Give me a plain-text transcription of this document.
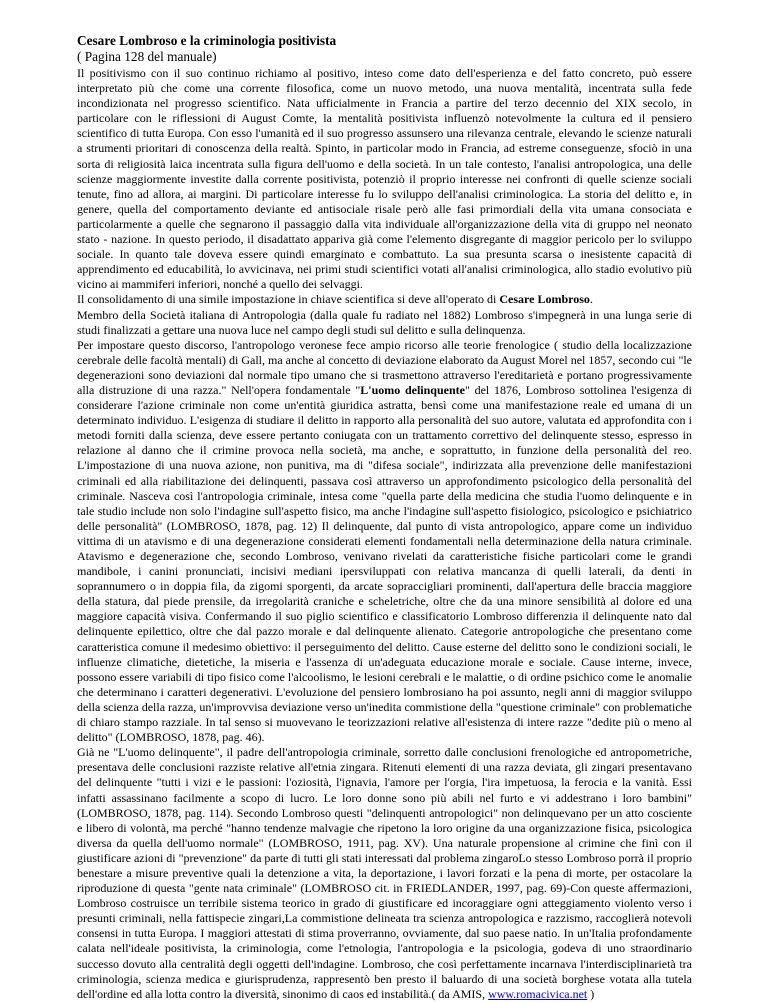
Cesare Lombroso e la criminologia positivista
( Pagina 128 del manuale)

Il positivismo con il suo continuo richiamo al positivo, inteso come dato dell'esperienza e del fatto concreto, può essere interpretato più che come una corrente filosofica, come un nuovo metodo, una nuova mentalità, incentrata sulla fede incondizionata nel progresso scientifico. Nata ufficialmente in Francia a partire del terzo decennio del XIX secolo, in particolare con le riflessioni di August Comte, la mentalità positivista influenzò notevolmente la cultura ed il pensiero scientifico di tutta Europa. Con esso l'umanità ed il suo progresso assunsero una rilevanza centrale, elevando le scienze naturali a strumenti prioritari di conoscenza della realtà. Spinto, in particolar modo in Francia, ad estreme conseguenze, sfociò in una sorta di religiosità laica incentrata sulla figura dell'uomo e della società. In un tale contesto, l'analisi antropologica, una delle scienze maggiormente investite dalla corrente positivista, potenziò il proprio interesse nei confronti di quelle scienze sociali tenute, fino ad allora, ai margini. Di particolare interesse fu lo sviluppo dell'analisi criminologica. La storia del delitto e, in genere, quella del comportamento deviante ed antisociale risale però alle fasi primordiali della vita umana consociata e particolarmente a quelle che segnarono il passaggio dalla vita individuale all'organizzazione della vita di gruppo nel neonato stato - nazione. In questo periodo, il disadattato appariva già come l'elemento disgregante di maggior pericolo per lo sviluppo sociale. In quanto tale doveva essere quindi emarginato e combattuto. La sua presunta scarsa o inesistente capacità di apprendimento ed educabilità, lo avvicinava, nei primi studi scientifici votati all'analisi criminologica, allo stadio evolutivo più vicino ai mammiferi inferiori, nonché a quello dei selvaggi.

Il consolidamento di una simile impostazione in chiave scientifica si deve all'operato di Cesare Lombroso.

Membro della Società italiana di Antropologia (dalla quale fu radiato nel 1882) Lombroso s'impegnerà in una lunga serie di studi finalizzati a gettare una nuova luce nel campo degli studi sul delitto e sulla delinquenza.

Per impostare questo discorso, l'antropologo veronese fece ampio ricorso alle teorie frenologice ( studio della localizzazione cerebrale delle facoltà mentali) di Gall, ma anche al concetto di deviazione elaborato da August Morel nel 1857, secondo cui "le degenerazioni sono deviazioni dal normale tipo umano che si trasmettono attraverso l'ereditarietà e portano progressivamente alla distruzione di una razza." Nell'opera fondamentale "L'uomo delinquente" del 1876, Lombroso sottolinea l'esigenza di considerare l'azione criminale non come un'entità giuridica astratta, bensì come una manifestazione reale ed umana di un determinato individuo. L'esigenza di studiare il delitto in rapporto alla personalità del suo autore, valutata ed approfondita con i metodi forniti dalla scienza, deve essere pertanto coniugata con un trattamento correttivo del delinquente stesso, espresso in relazione al danno che il crimine provoca nella società, ma anche, e soprattutto, in funzione della personalità del reo. L'impostazione di una nuova azione, non punitiva, ma di "difesa sociale", indirizzata alla prevenzione delle manifestazioni criminali ed alla riabilitazione dei delinquenti, passava così attraverso un approfondimento psicologico della personalità del criminale. Nasceva così l'antropologia criminale, intesa come "quella parte della medicina che studia l'uomo delinquente e in tale studio include non solo l'indagine sull'aspetto fisico, ma anche l'indagine sull'aspetto fisiologico, psicologico e psichiatrico delle personalità" (LOMBROSO, 1878, pag. 12) Il delinquente, dal punto di vista antropologico, appare come un individuo vittima di un atavismo e di una degenerazione considerati elementi fondamentali nella determinazione della natura criminale. Atavismo e degenerazione che, secondo Lombroso, venivano rivelati da caratteristiche fisiche particolari come le grandi mandibole, i canini pronunciati, incisivi mediani ipersviluppati con relativa mancanza di quelli laterali, da denti in soprannumero o in doppia fila, da zigomi sporgenti, da arcate sopraccigliari prominenti, dall'apertura delle braccia maggiore della statura, dal piede prensile, da irregolarità craniche e scheletriche, oltre che da una minore sensibilità al dolore ed una maggiore capacità visiva. Confermando il suo piglio scientifico e classificatorio Lombroso differenzia il delinquente nato dal delinquente epilettico, oltre che dal pazzo morale e dal delinquente alienato. Categorie antropologiche che presentano come caratteristica comune il medesimo obiettivo: il perseguimento del delitto. Cause esterne del delitto sono le condizioni sociali, le influenze climatiche, dietetiche, la miseria e l'assenza di un'adeguata educazione morale e sociale. Cause interne, invece, possono essere variabili di tipo fisico come l'alcoolismo, le lesioni cerebrali e le malattie, o di ordine psichico come le anomalie che determinano i caratteri degenerativi. L'evoluzione del pensiero lombrosiano ha poi assunto, negli anni di maggior sviluppo della scienza della razza, un'improvvisa deviazione verso un'inedita commistione della "questione criminale" con problematiche di chiaro stampo razziale. In tal senso si muovevano le teorizzazioni relative all'esistenza di intere razze "dedite più o meno al delitto" (LOMBROSO, 1878, pag. 46).

Già ne "L'uomo delinquente", il padre dell'antropologia criminale, sorretto dalle conclusioni frenologiche ed antropometriche, presentava delle conclusioni razziste relative all'etnia zingara. Ritenuti elementi di una razza deviata, gli zingari presentavano del delinquente "tutti i vizi e le passioni: l'oziosità, l'ignavia, l'amore per l'orgia, l'ira impetuosa, la ferocia e la vanità. Essi infatti assassinano facilmente a scopo di lucro. Le loro donne sono più abili nel furto e vi addestrano i loro bambini" (LOMBROSO, 1878, pag. 114). Secondo Lombroso questi "delinquenti antropologici" non delinquevano per un atto cosciente e libero di volontà, ma perché "hanno tendenze malvagie che ripetono la loro origine da una organizzazione fisica, psicologica diversa da quella dell'uomo normale" (LOMBROSO, 1911, pag. XV). Una naturale propensione al crimine che finì con il giustificare azioni di "prevenzione" da parte di tutti gli stati interessati dal problema zingaroLo stesso Lombroso porrà il proprio benestare a misure preventive quali la detenzione a vita, la deportazione, i lavori forzati e la pena di morte, per ostacolare la riproduzione di questa "gente nata criminale" (LOMBROSO cit. in FRIEDLANDER, 1997, pag. 69)-Con queste affermazioni, Lombroso costruisce un terribile sistema teorico in grado di giustificare ed incoraggiare ogni atteggiamento violento verso i presunti criminali, nella fattispecie zingari,La commistione delineata tra scienza antropologica e razzismo, raccoglierà notevoli consensi in tutta Europa. I maggiori attestati di stima proverranno, ovviamente, dal suo paese natio. In un'Italia profondamente calata nell'ideale positivista, la criminologia, come l'etnologia, l'antropologia e la psicologia, godeva di uno straordinario successo dovuto alla centralità degli oggetti dell'indagine. Lombroso, che così perfettamente incarnava l'interdisciplinarietà tra criminologia, scienza medica e giurisprudenza, rappresentò ben presto il baluardo di una società borghese votata alla tutela dell'ordine ed alla lotta contro la diversità, sinonimo di caos ed instabilità.( da AMIS, www.romacivica.net )
